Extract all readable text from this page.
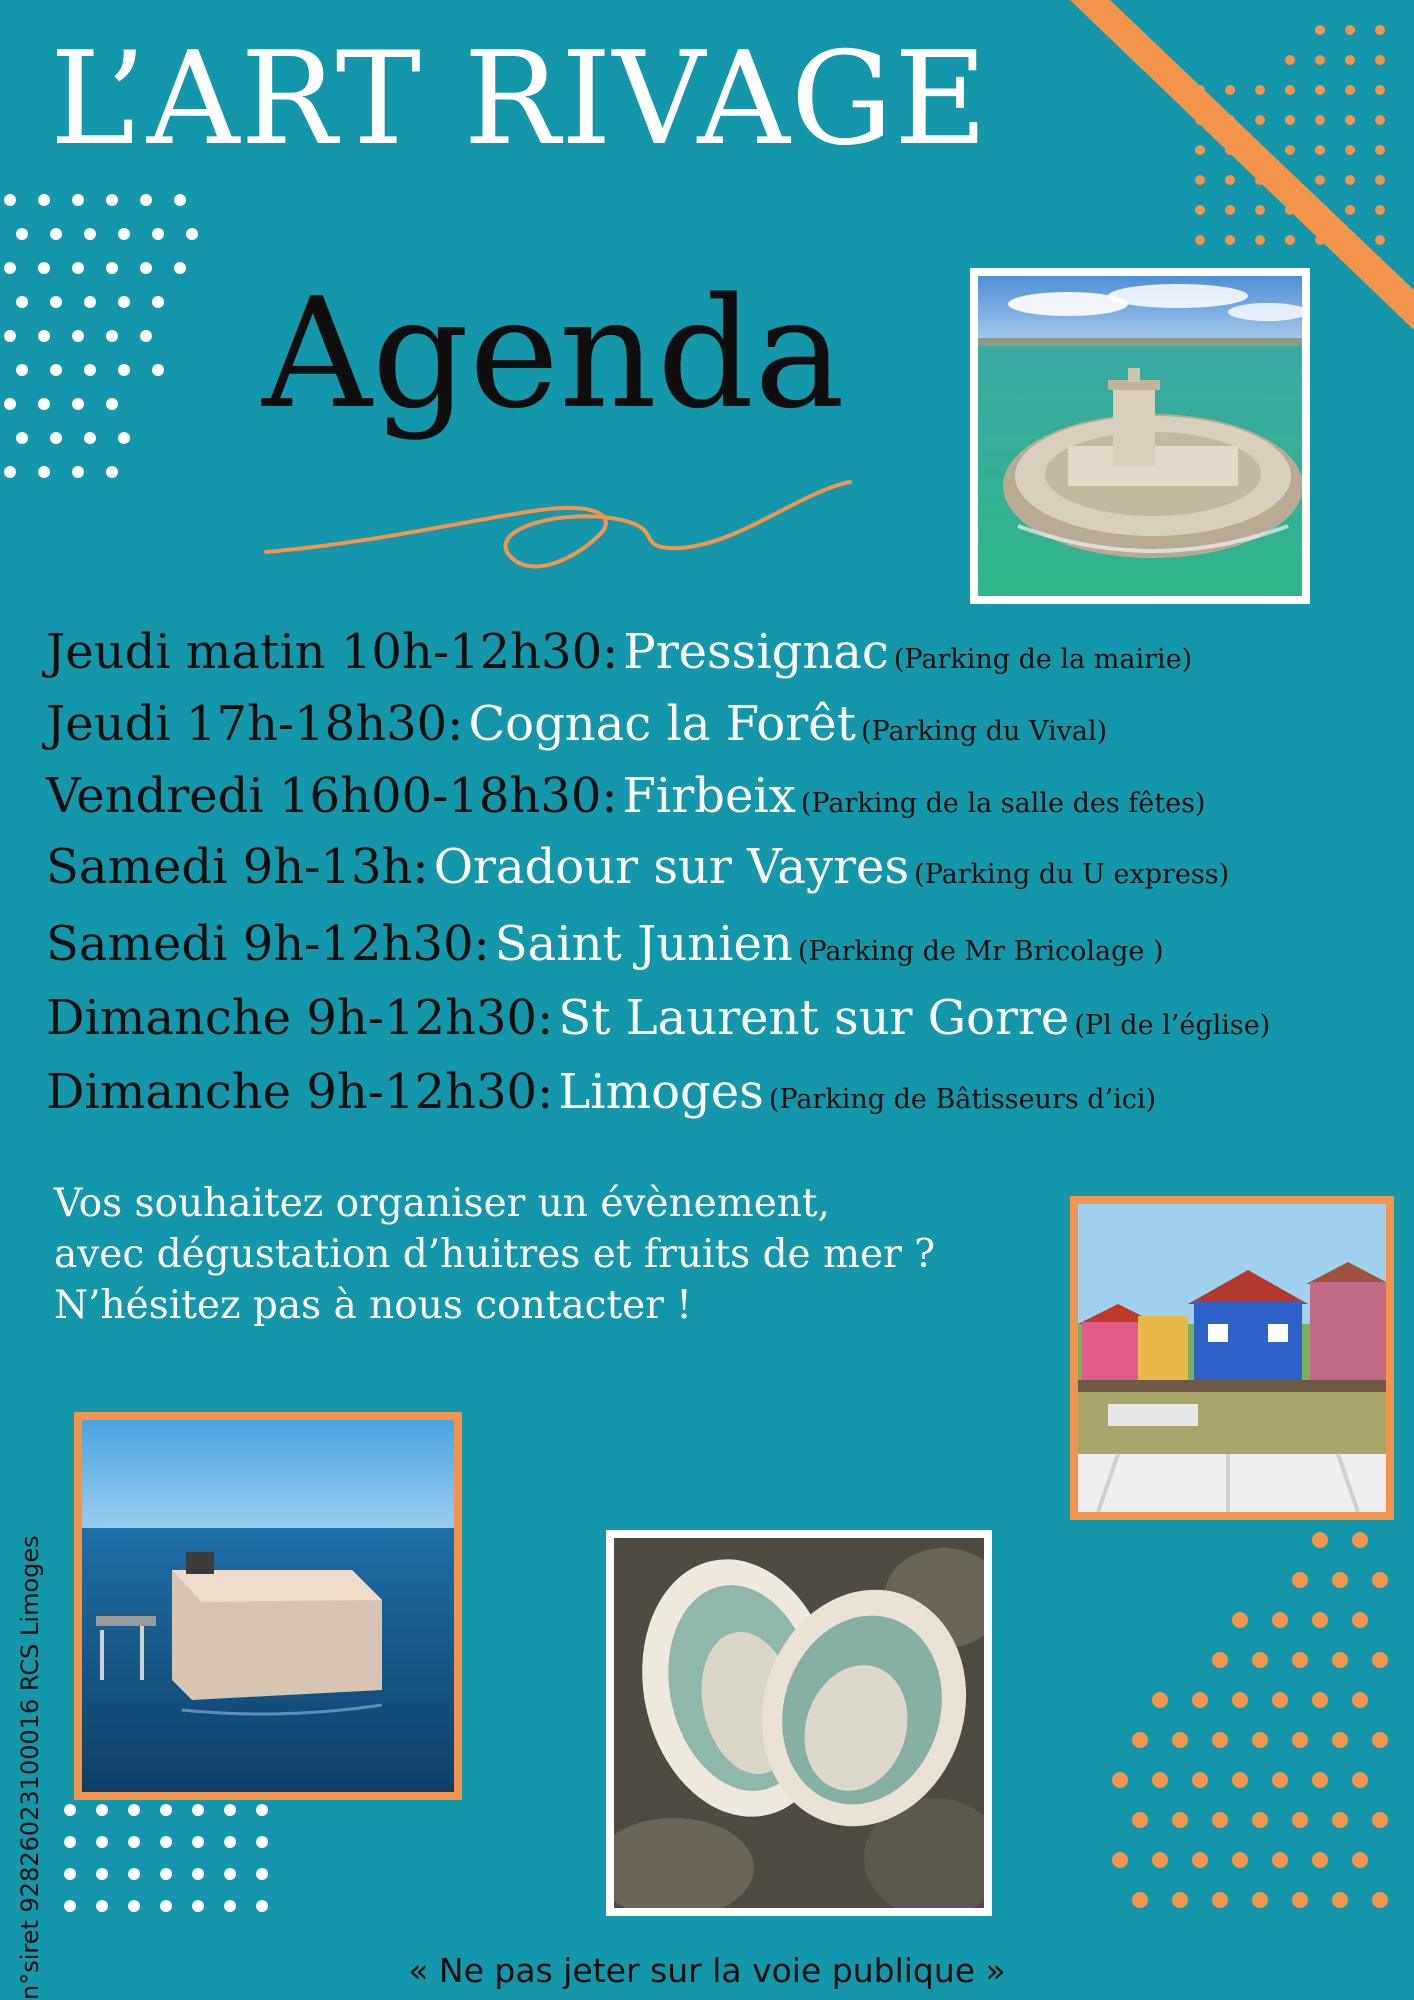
L’ART RIVAGE
Agenda
Jeudi matin 10h-12h30: Pressignac (Parking de la mairie)
Jeudi 17h-18h30: Cognac la Forêt (Parking du Vival)
Vendredi 16h00-18h30: Firbeix (Parking de la salle des fêtes)
Samedi 9h-13h: Oradour sur Vayres (Parking du U express)
Samedi 9h-12h30: Saint Junien (Parking de Mr Bricolage )
Dimanche 9h-12h30: St Laurent sur Gorre (Pl de l’église)
Dimanche 9h-12h30: Limoges (Parking de Bâtisseurs d’ici)
Vos souhaitez organiser un évènement,
avec dégustation d’huitres et fruits de mer ?
N’hésitez pas à nous contacter !
n°siret 92826023100016 RCS Limoges	« Ne pas jeter sur la voie publique »
